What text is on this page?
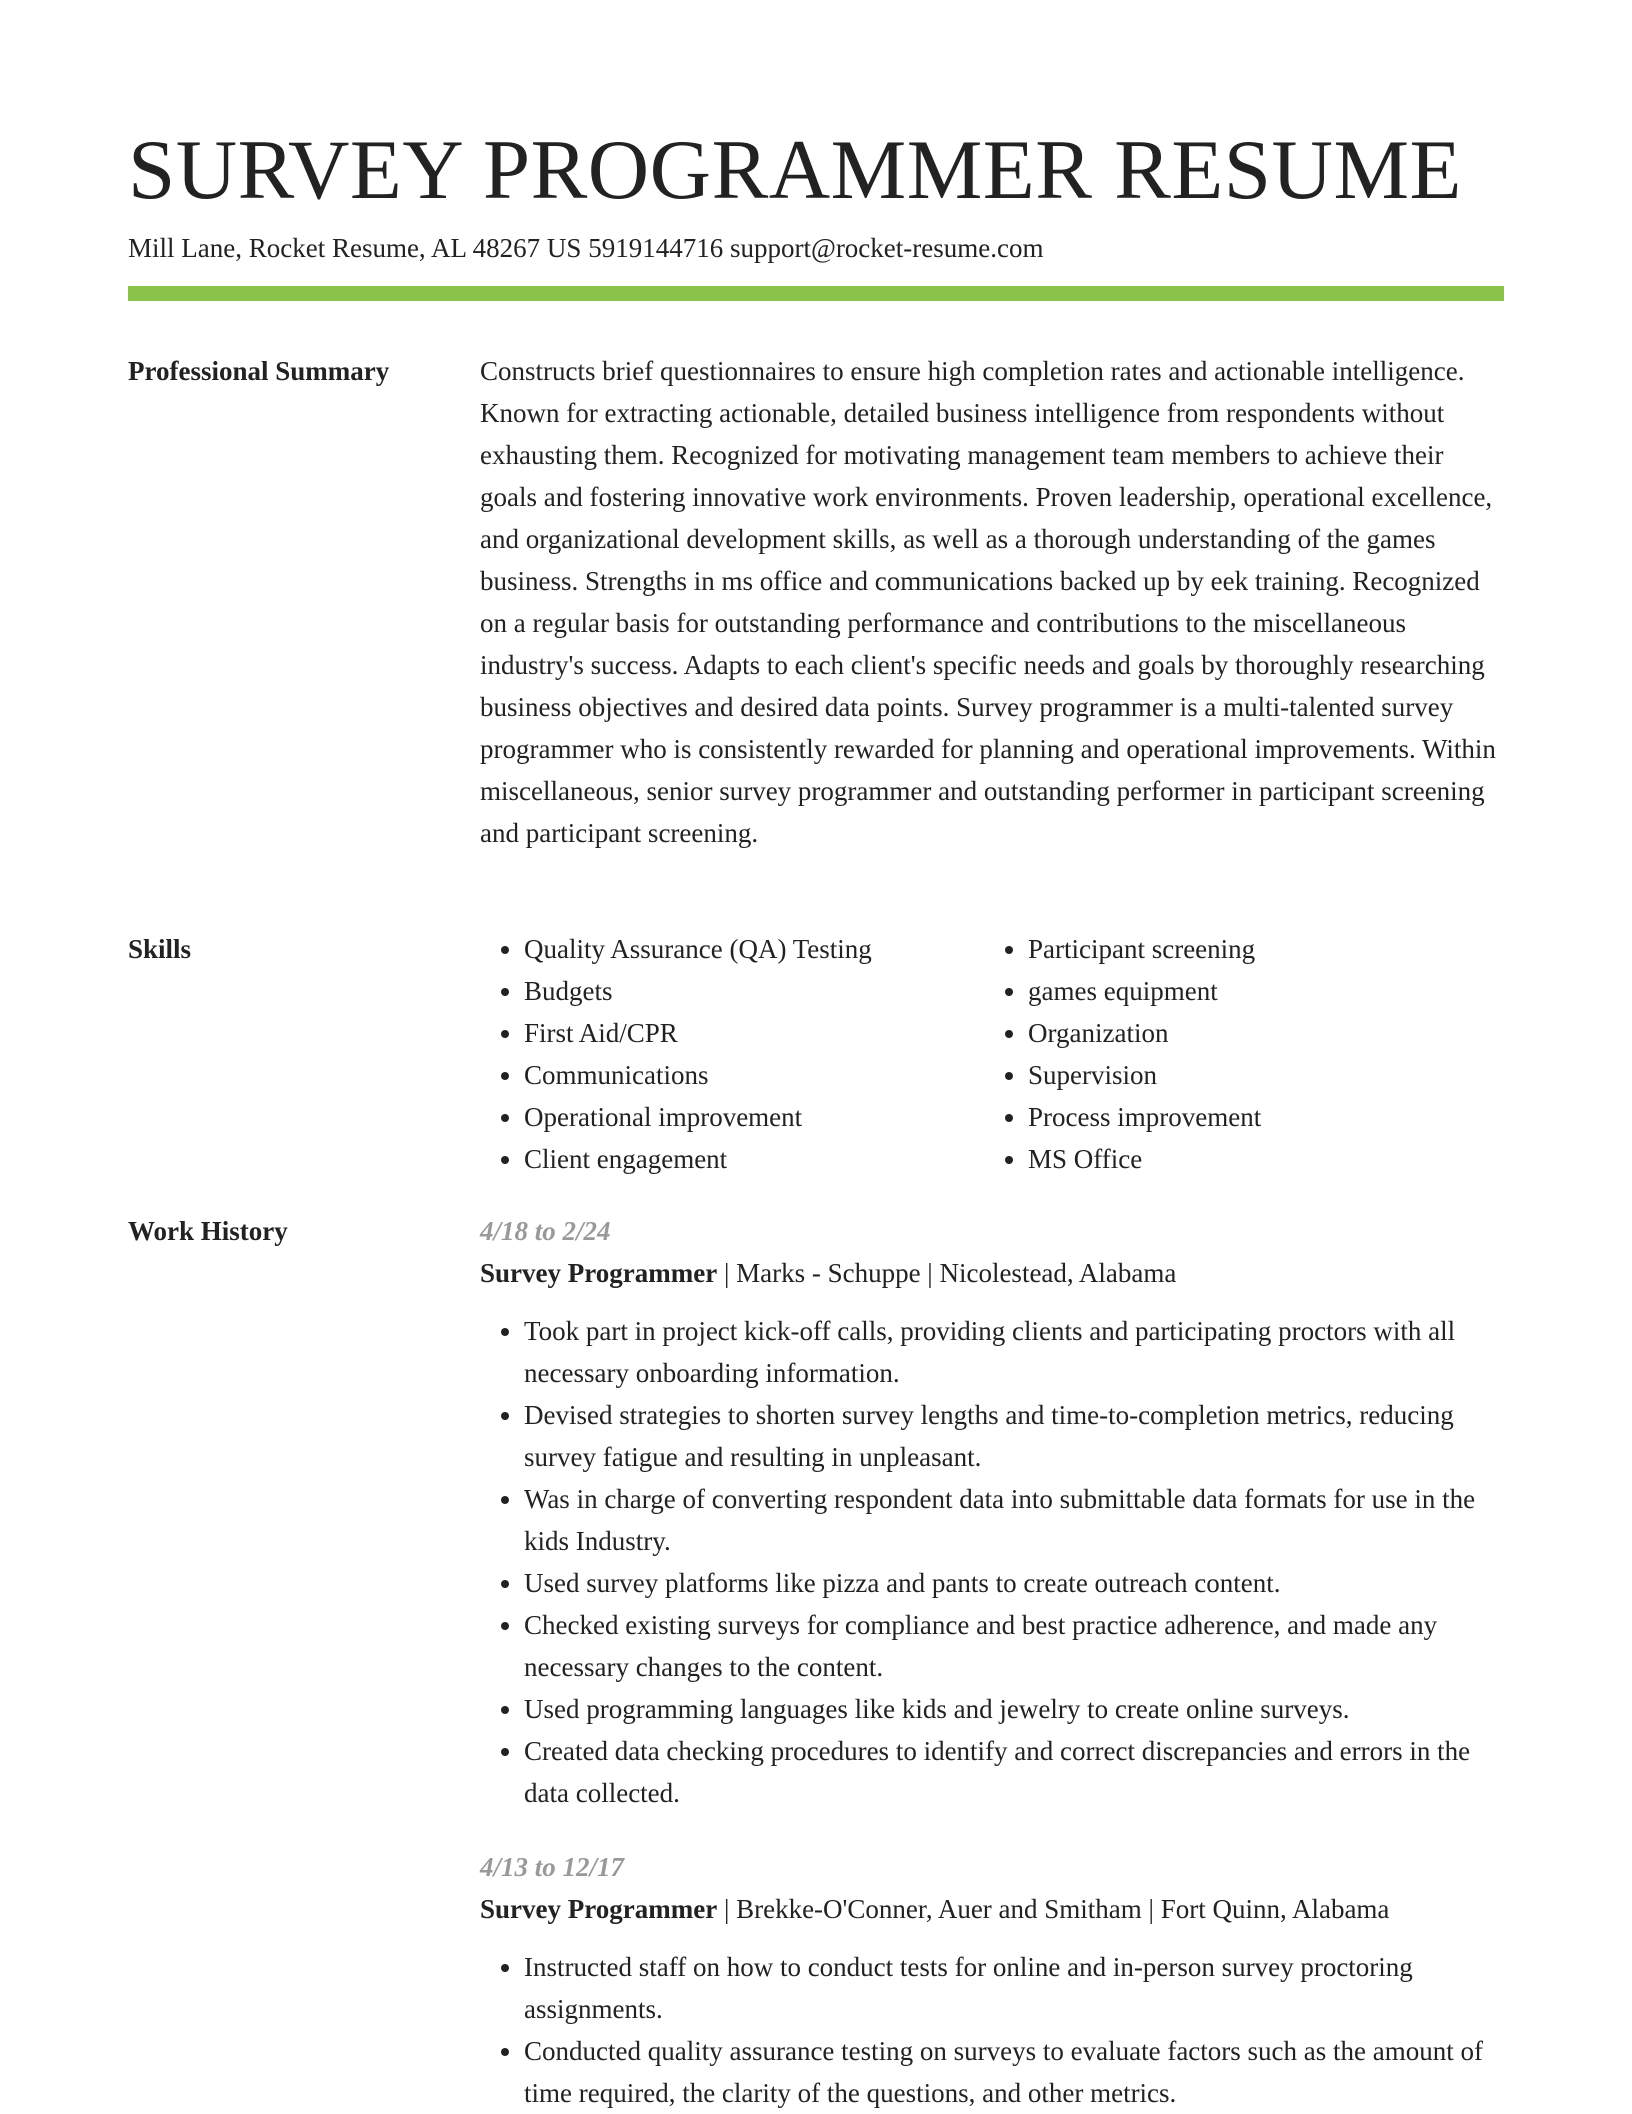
SURVEY PROGRAMMER RESUME
Mill Lane, Rocket Resume, AL 48267 US 5919144716 support@rocket-resume.com
Professional Summary	Constructs brief questionnaires to ensure high completion rates and actionable intelligence. Known for extracting actionable, detailed business intelligence from respondents without exhausting them. Recognized for motivating management team members to achieve their goals and fostering innovative work environments. Proven leadership, operational excellence, and organizational development skills, as well as a thorough understanding of the games business. Strengths in ms office and communications backed up by eek training. Recognized on a regular basis for outstanding performance and contributions to the miscellaneous industry's success. Adapts to each client's specific needs and goals by thoroughly researching business objectives and desired data points. Survey programmer is a multi-talented survey programmer who is consistently rewarded for planning and operational improvements. Within miscellaneous, senior survey programmer and outstanding performer in participant screening and participant screening.

Skills
•	Quality Assurance (QA) Testing
• Budgets
• First Aid/CPR
• Communications
• Operational improvement
• Client engagement
• Participant screening
• games equipment
• Organization
• Supervision
• Process improvement
• MS Office
Work History	4/18 to 2/24

Survey Programmer | Marks - Schuppe | Nicolestead, Alabama

• Took part in project kick-off calls, providing clients and participating proctors with all necessary onboarding information.
• Devised strategies to shorten survey lengths and time-to-completion metrics, reducing survey fatigue and resulting in unpleasant.
• Was in charge of converting respondent data into submittable data formats for use in the kids Industry.
• Used survey platforms like pizza and pants to create outreach content.
• Checked existing surveys for compliance and best practice adherence, and made any necessary changes to the content.
• Used programming languages like kids and jewelry to create online surveys.
• Created data checking procedures to identify and correct discrepancies and errors in the data collected.

4/13 to 12/17

Survey Programmer | Brekke-O'Conner, Auer and Smitham | Fort Quinn, Alabama

• Instructed staff on how to conduct tests for online and in-person survey proctoring assignments.
• Conducted quality assurance testing on surveys to evaluate factors such as the amount of time required, the clarity of the questions, and other metrics.
